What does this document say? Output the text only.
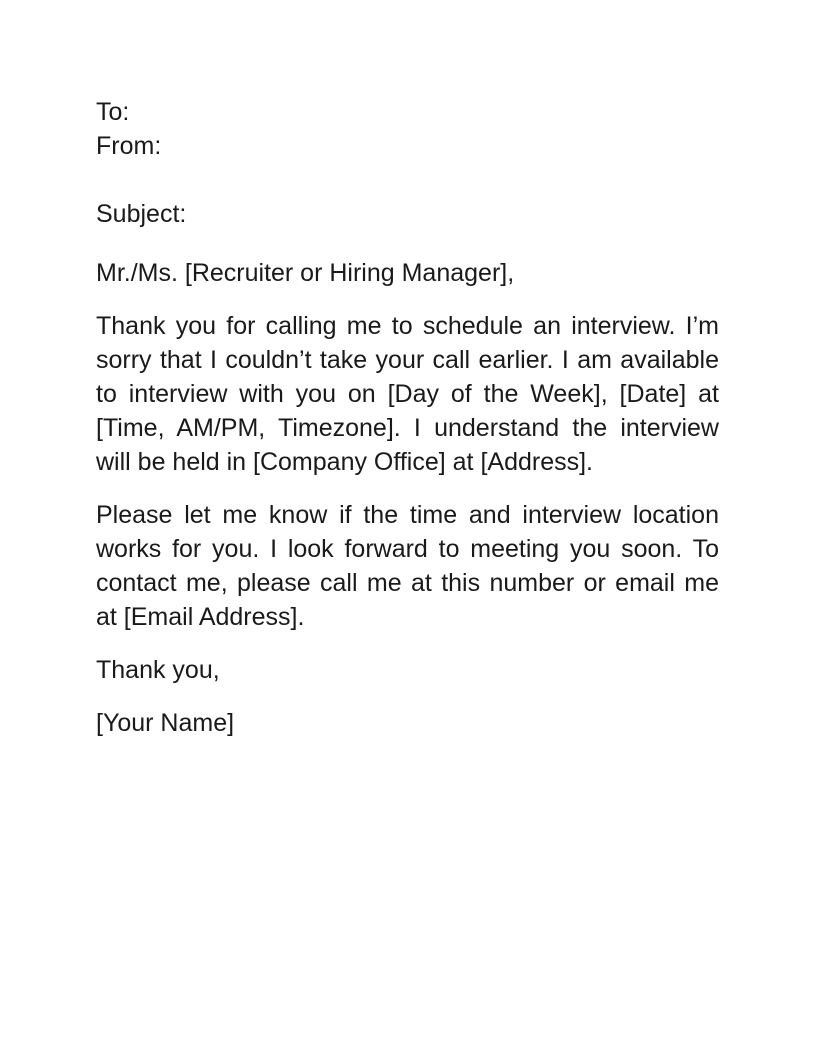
To:
From:
Subject:
Mr./Ms. [Recruiter or Hiring Manager],

Thank you for calling me to schedule an interview. I’m sorry that I couldn’t take your call earlier. I am available to interview with you on [Day of the Week], [Date] at [Time, AM/PM, Timezone]. I understand the interview will be held in [Company Office] at [Address].

Please let me know if the time and interview location works for you. I look forward to meeting you soon. To contact me, please call me at this number or email me at [Email Address].

Thank you,
[Your Name]
